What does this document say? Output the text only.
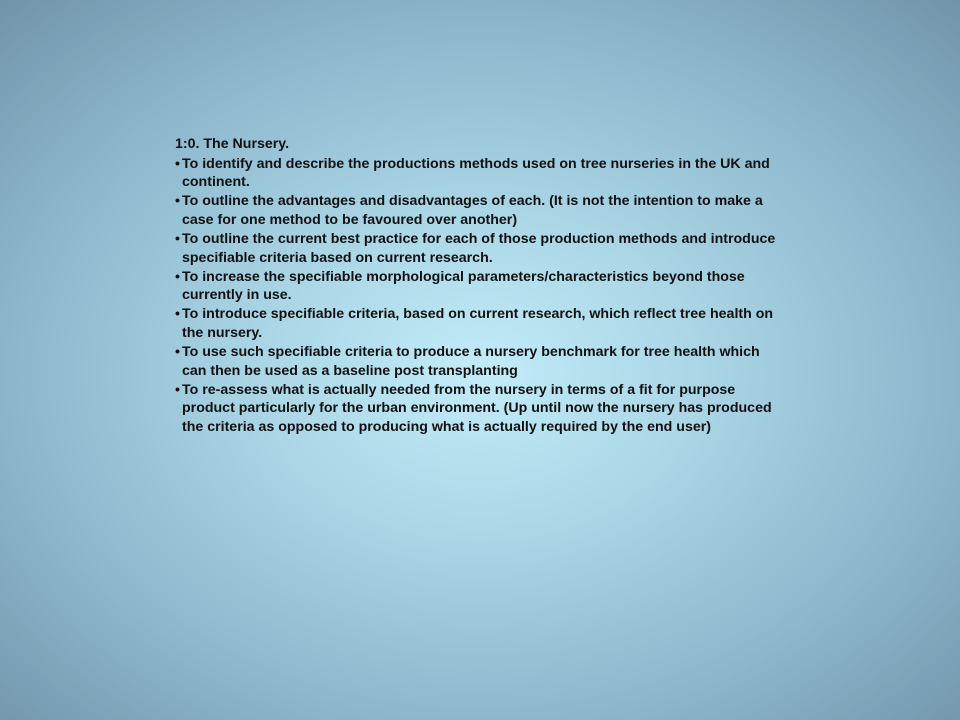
1:0. The Nursery.

• To identify and describe the productions methods used on tree nurseries in the UK and continent.
• To outline the advantages and disadvantages of each. (It is not the intention to make a case for one method to be favoured over another)
• To outline the current best practice for each of those production methods and introduce specifiable criteria based on current research.
• To increase the specifiable morphological parameters/characteristics beyond those currently in use.
• To introduce specifiable criteria, based on current research, which reflect tree health on the nursery.
• To use such specifiable criteria to produce a nursery benchmark for tree health which can then be used as a baseline post transplanting
• To re-assess what is actually needed from the nursery in terms of a fit for purpose product particularly for the urban environment. (Up until now the nursery has produced the criteria as opposed to producing what is actually required by the end user)
